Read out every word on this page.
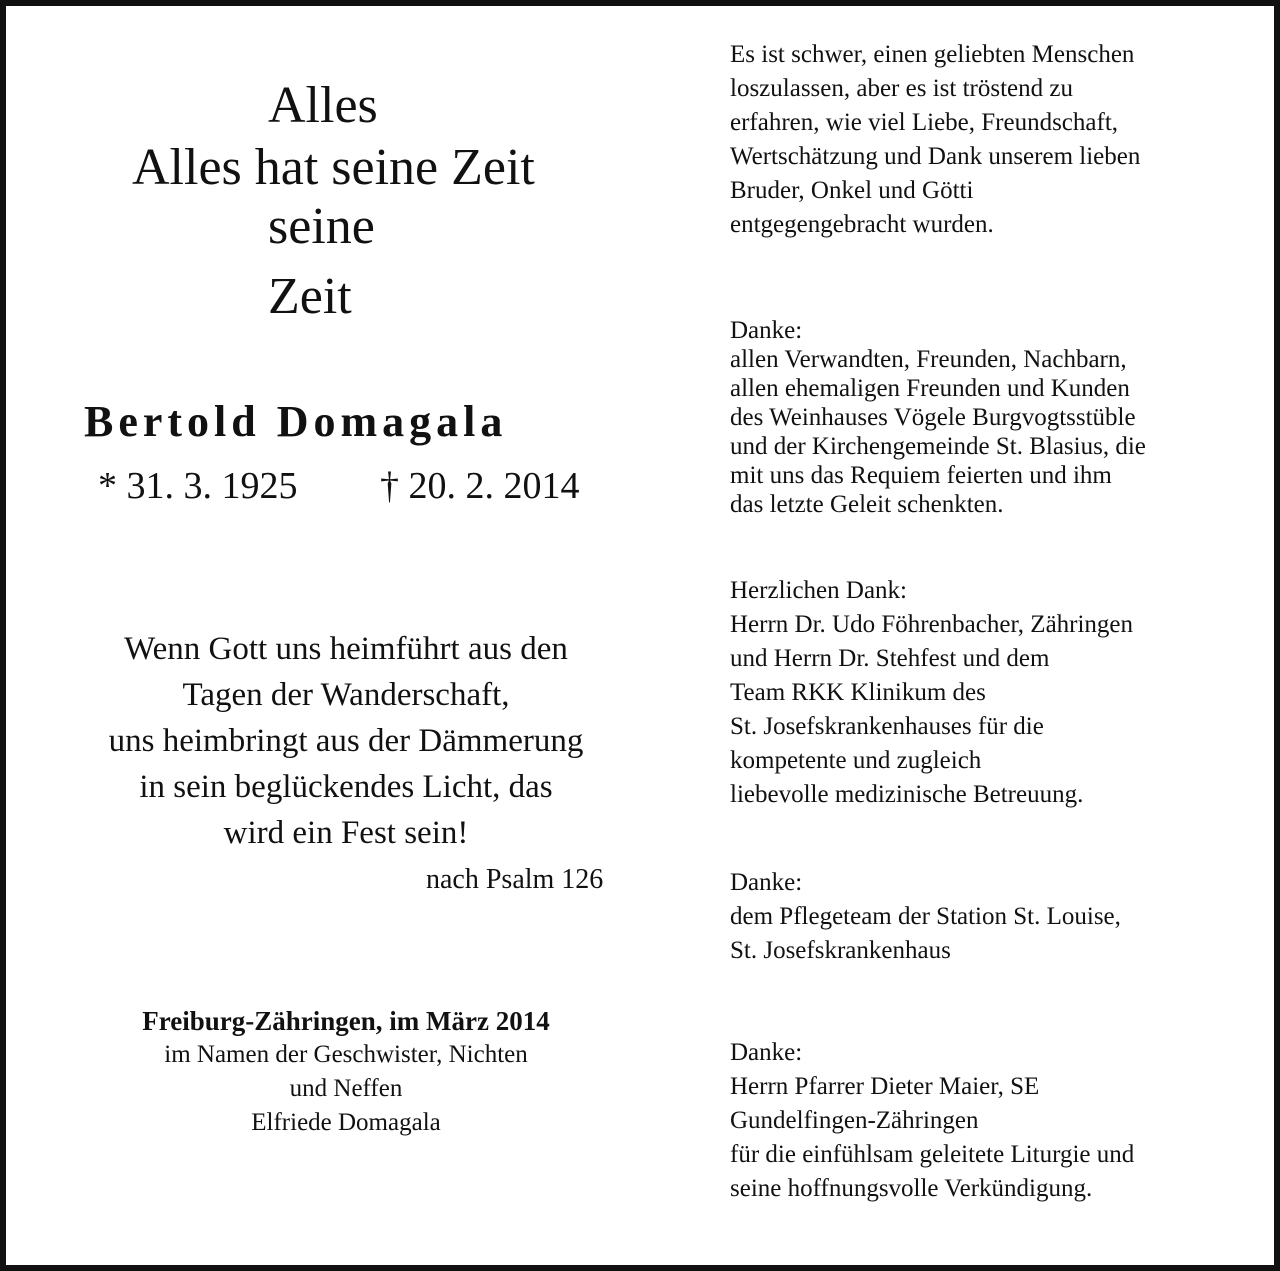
Alles
Alles hat seine Zeit
seine
Zeit
Bertold Domagala
* 31. 3. 1925 † 20. 2. 2014
Wenn Gott uns heimführt aus den
Tagen der Wanderschaft,
uns heimbringt aus der Dämmerung
in sein beglückendes Licht, das
wird ein Fest sein!
nach Psalm 126
Freiburg-Zähringen, im März 2014
im Namen der Geschwister, Nichten
und Neffen
Elfriede Domagala
Es ist schwer, einen geliebten Menschen
loszulassen, aber es ist tröstend zu
erfahren, wie viel Liebe, Freundschaft,
Wertschätzung und Dank unserem lieben
Bruder, Onkel und Götti
entgegengebracht wurden.
Danke:
allen Verwandten, Freunden, Nachbarn,
allen ehemaligen Freunden und Kunden
des Weinhauses Vögele Burgvogtsstüble
und der Kirchengemeinde St. Blasius, die
mit uns das Requiem feierten und ihm
das letzte Geleit schenkten.
Herzlichen Dank:
Herrn Dr. Udo Föhrenbacher, Zähringen
und Herrn Dr. Stehfest und dem
Team RKK Klinikum des
St. Josefskrankenhauses für die
kompetente und zugleich
liebevolle medizinische Betreuung.
Danke:
dem Pflegeteam der Station St. Louise,
St. Josefskrankenhaus
Danke:
Herrn Pfarrer Dieter Maier, SE
Gundelfingen-Zähringen
für die einfühlsam geleitete Liturgie und
seine hoffnungsvolle Verkündigung.
